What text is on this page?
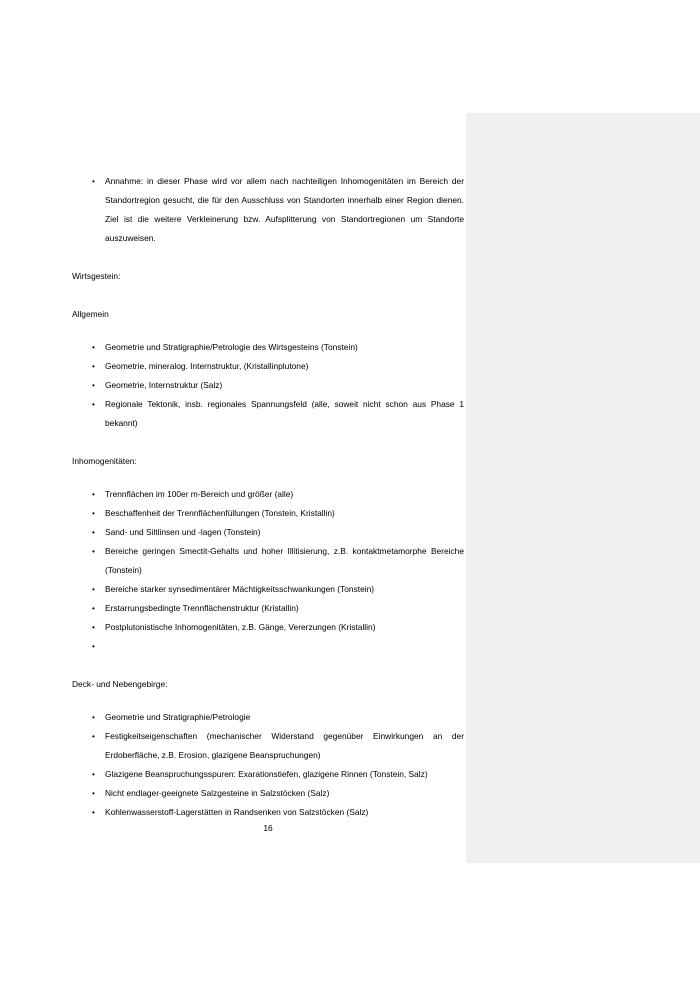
• Annahme: in dieser Phase wird vor allem nach nachteiligen Inhomogenitäten im Bereich der Standortregion gesucht, die für den Ausschluss von Standorten innerhalb einer Region dienen. Ziel ist die weitere Verkleinerung bzw. Aufsplitterung von Standortregionen um Standorte auszuweisen.

Wirtsgestein:

Allgemein

• Geometrie und Stratigraphie/Petrologie des Wirtsgesteins (Tonstein)
• Geometrie, mineralog. Internstruktur, (Kristallinplutone)
• Geometrie, Internstruktur (Salz)
• Regionale Tektonik, insb. regionales Spannungsfeld (alle, soweit nicht schon aus Phase 1 bekannt)

Inhomogenitäten:

• Trennflächen im 100er m-Bereich und größer (alle)
• Beschaffenheit der Trennflächenfüllungen (Tonstein, Kristallin)
• Sand- und Siltlinsen und -lagen (Tonstein)
• Bereiche geringen Smectit-Gehalts und hoher Illitisierung, z.B. kontaktmetamorphe Bereiche (Tonstein)
• Bereiche starker synsedimentärer Mächtigkeitsschwankungen (Tonstein)
• Erstarrungsbedingte Trennflächenstruktur (Kristallin)
• Postplutonistische Inhomogenitäten, z.B. Gänge, Vererzungen (Kristallin)
•

Deck- und Nebengebirge:

• Geometrie und Stratigraphie/Petrologie
• Festigkeitseigenschaften (mechanischer Widerstand gegenüber Einwirkungen an der Erdoberfläche, z.B. Erosion, glazigene Beanspruchungen)
• Glazigene Beanspruchungsspuren: Exarationstiefen, glazigene Rinnen (Tonstein, Salz)
• Nicht endlager-geeignete Salzgesteine in Salzstöcken (Salz)
• Kohlenwasserstoff-Lagerstätten in Randsenken von Salzstöcken (Salz)
16
